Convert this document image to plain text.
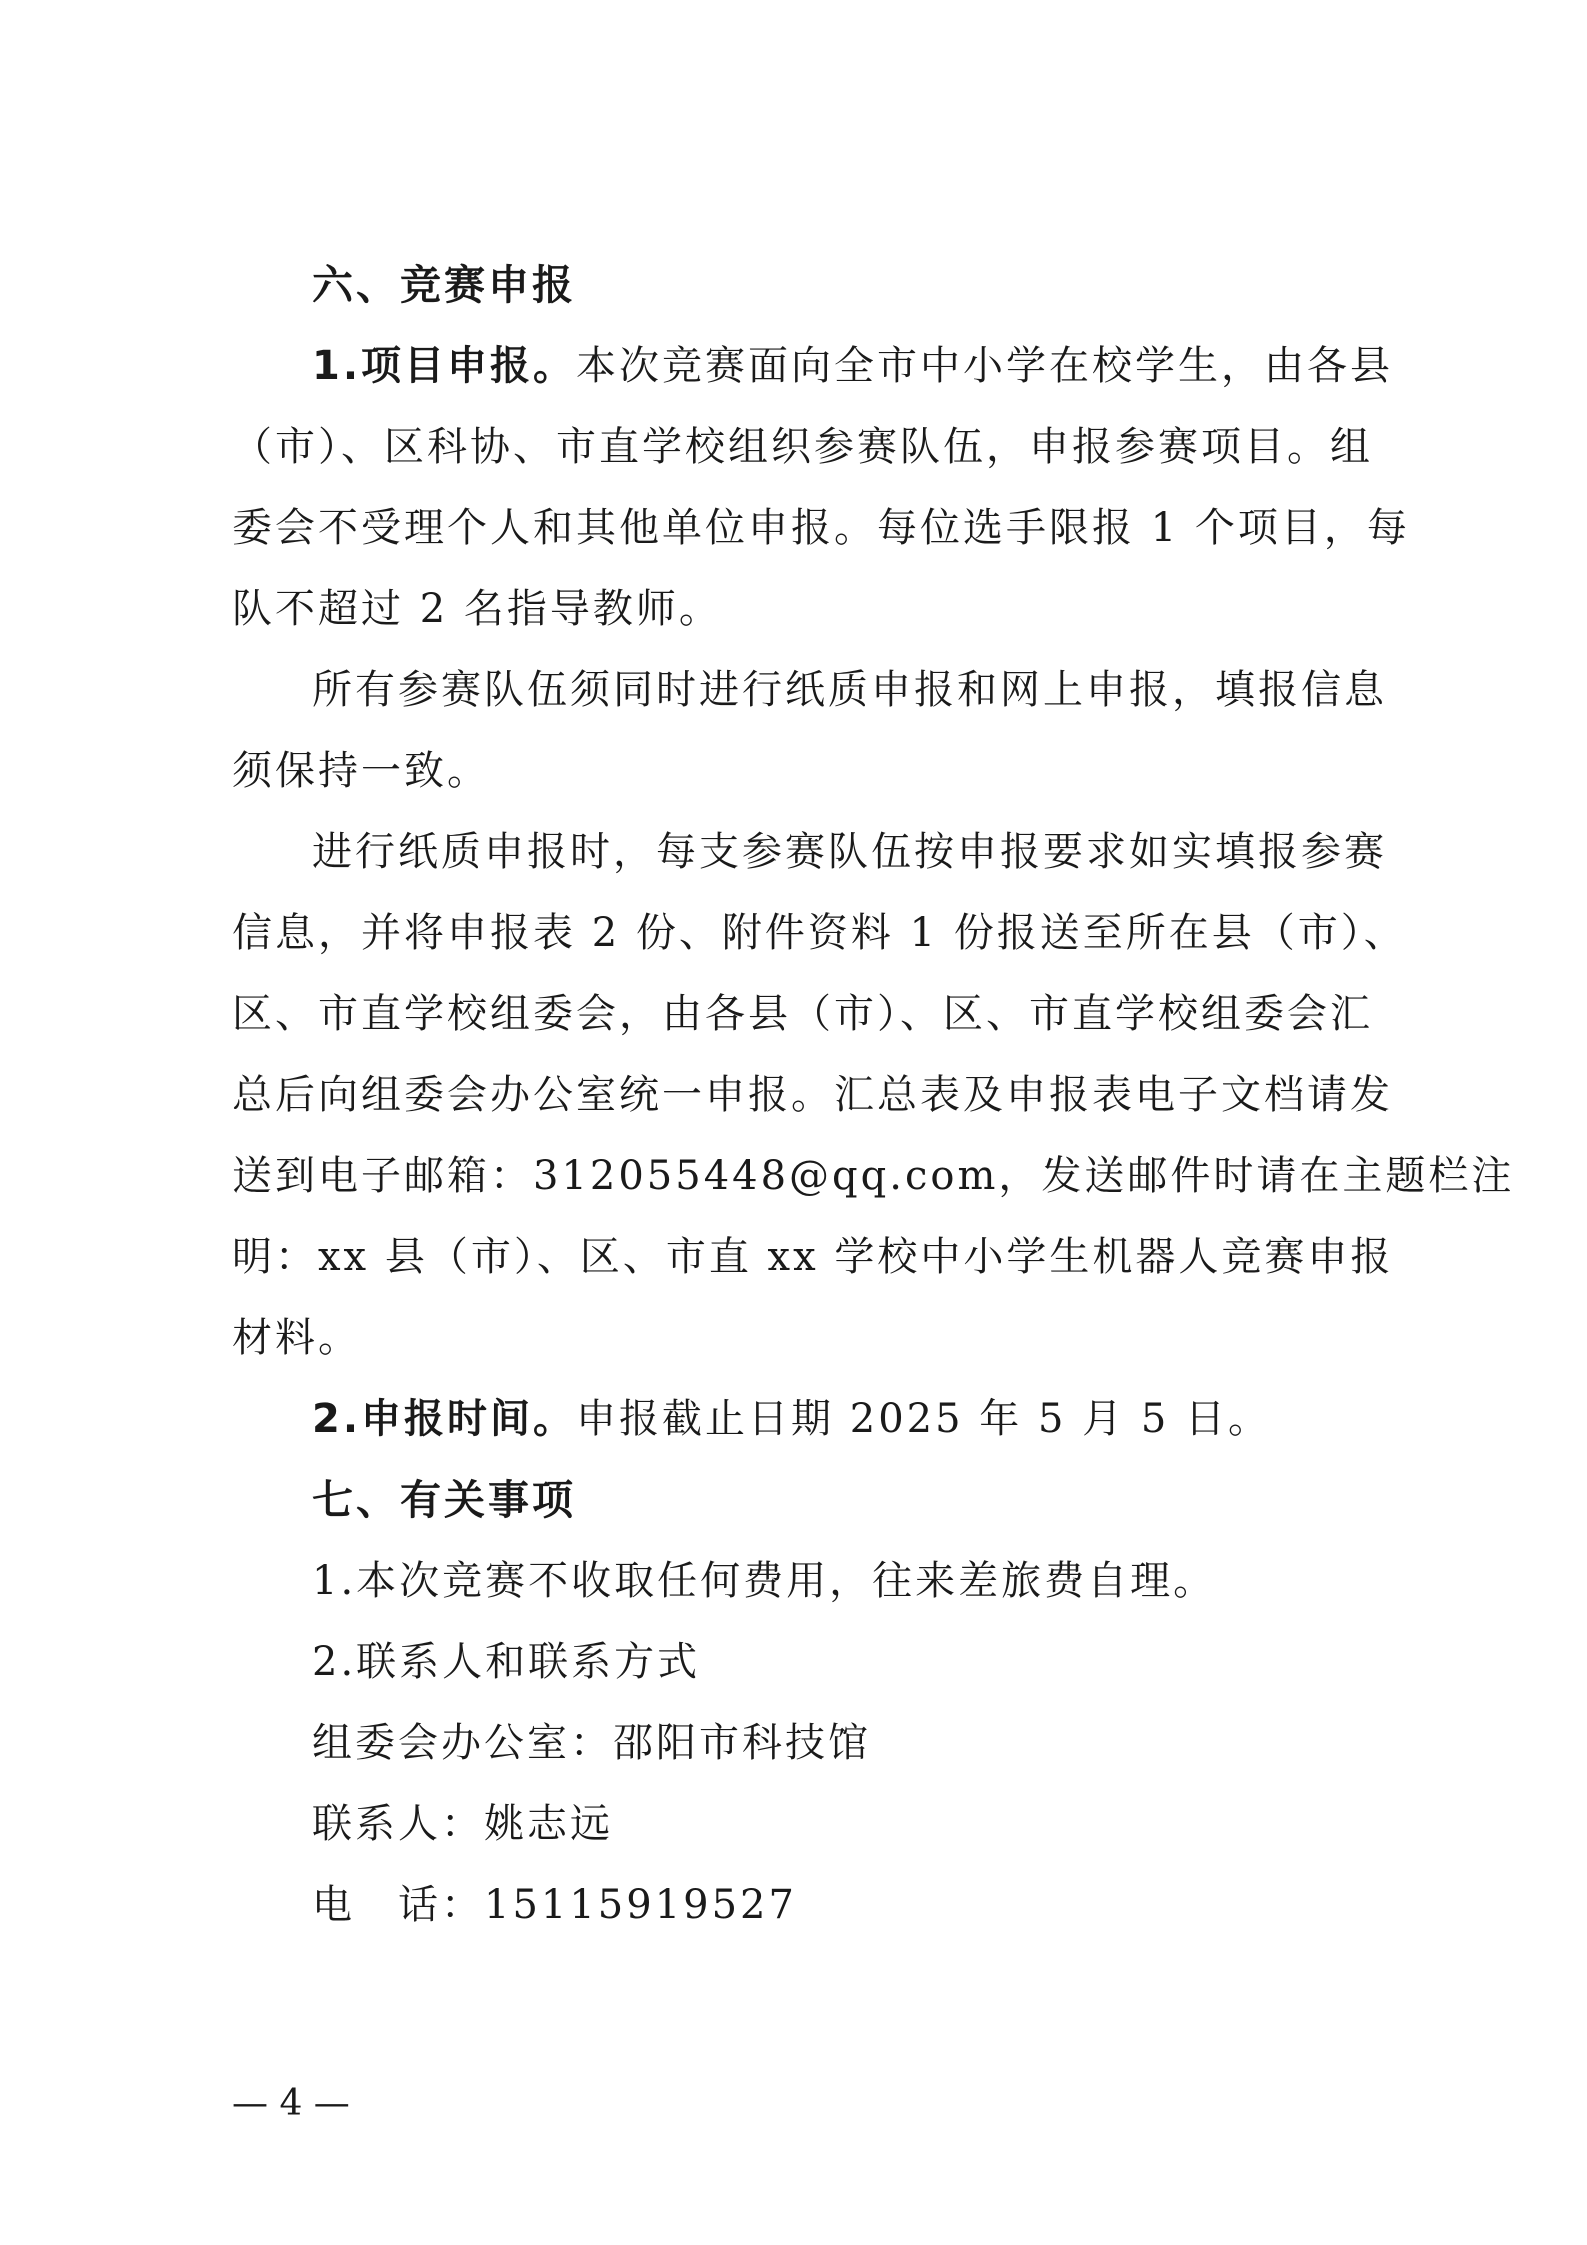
六、竞赛申报
1.项目申报。本次竞赛面向全市中小学在校学生，由各县
（市）、区科协、市直学校组织参赛队伍，申报参赛项目。组
委会不受理个人和其他单位申报。每位选手限报 1 个项目，每
队不超过 2 名指导教师。
所有参赛队伍须同时进行纸质申报和网上申报，填报信息
须保持一致。
进行纸质申报时，每支参赛队伍按申报要求如实填报参赛
信息，并将申报表 2 份、附件资料 1 份报送至所在县（市）、
区、市直学校组委会，由各县（市）、区、市直学校组委会汇
总后向组委会办公室统一申报。汇总表及申报表电子文档请发
送到电子邮箱：312055448@qq.com，发送邮件时请在主题栏注
明：xx 县（市）、区、市直 xx 学校中小学生机器人竞赛申报
材料。
2.申报时间。申报截止日期 2025 年 5 月 5 日。
七、有关事项
1.本次竞赛不收取任何费用，往来差旅费自理。
2.联系人和联系方式
组委会办公室：邵阳市科技馆
联系人：姚志远
电　话：15115919527
— 4 —
